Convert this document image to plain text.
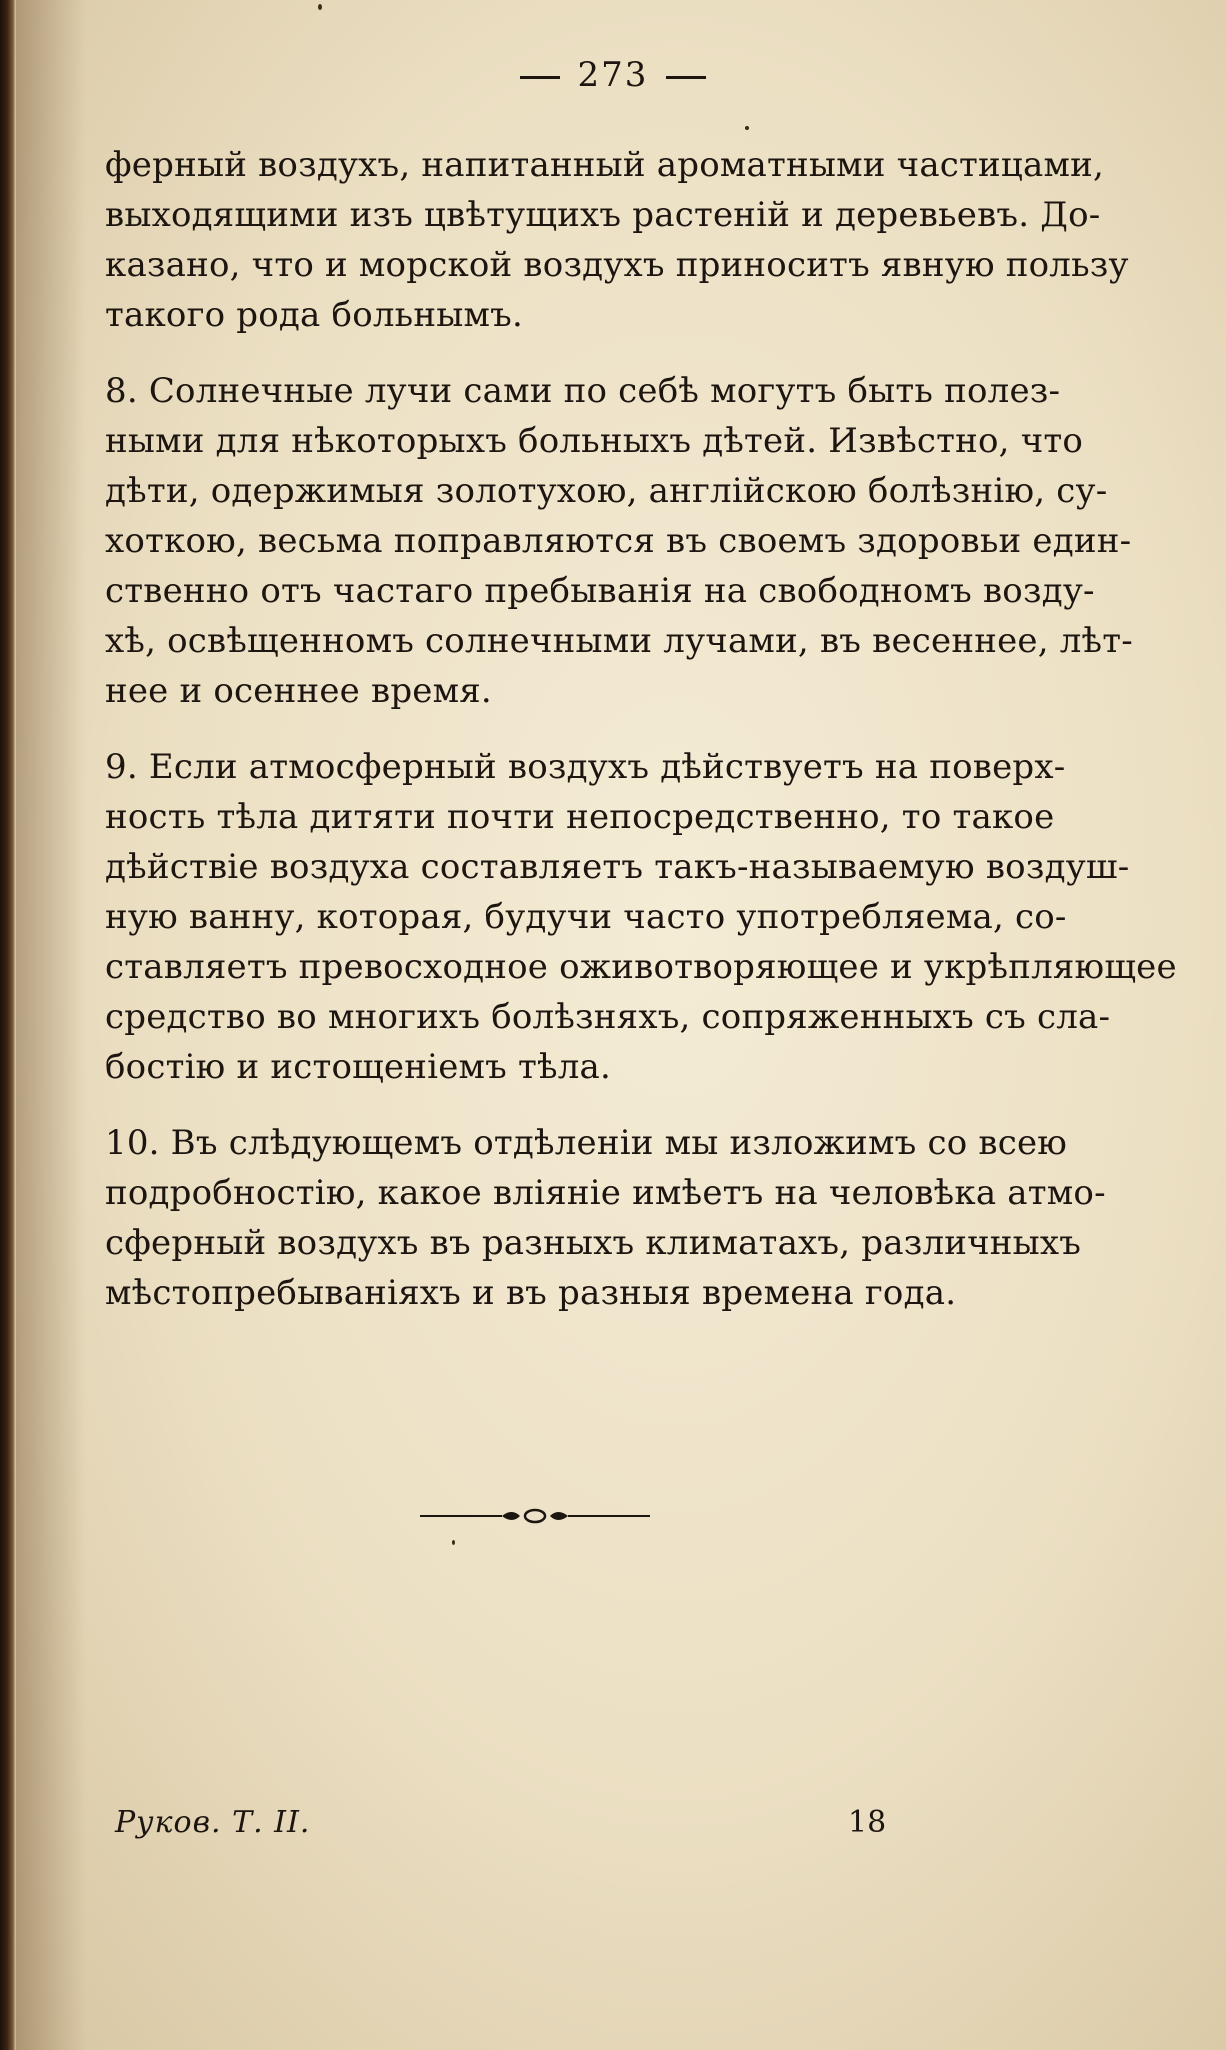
273
ферный воздухъ, напитанный ароматными частицами,
выходящими изъ цвѣтущихъ растеній и деревьевъ. До-
казано, что и морской воздухъ приноситъ явную пользу
такого рода больнымъ.
8. Солнечные лучи сами по себѣ могутъ быть полез-
ными для нѣкоторыхъ больныхъ дѣтей. Извѣстно, что
дѣти, одержимыя золотухою, англійскою болѣзнію, су-
хоткою, весьма поправляются въ своемъ здоровьи един-
ственно отъ частаго пребыванія на свободномъ возду-
хѣ, освѣщенномъ солнечными лучами, въ весеннее, лѣт-
нее и осеннее время.
9. Если атмосферный воздухъ дѣйствуетъ на поверх-
ность тѣла дитяти почти непосредственно, то такое
дѣйствіе воздуха составляетъ такъ-называемую воздуш-
ную ванну, которая, будучи часто употребляема, со-
ставляетъ превосходное оживотворяющее и укрѣпляющее
средство во многихъ болѣзняхъ, сопряженныхъ съ сла-
бостію и истощеніемъ тѣла.
10. Въ слѣдующемъ отдѣленіи мы изложимъ со всею
подробностію, какое вліяніе имѣетъ на человѣка атмо-
сферный воздухъ въ разныхъ климатахъ, различныхъ
мѣстопребываніяхъ и въ разныя времена года.
Руков. Т. II.	18
